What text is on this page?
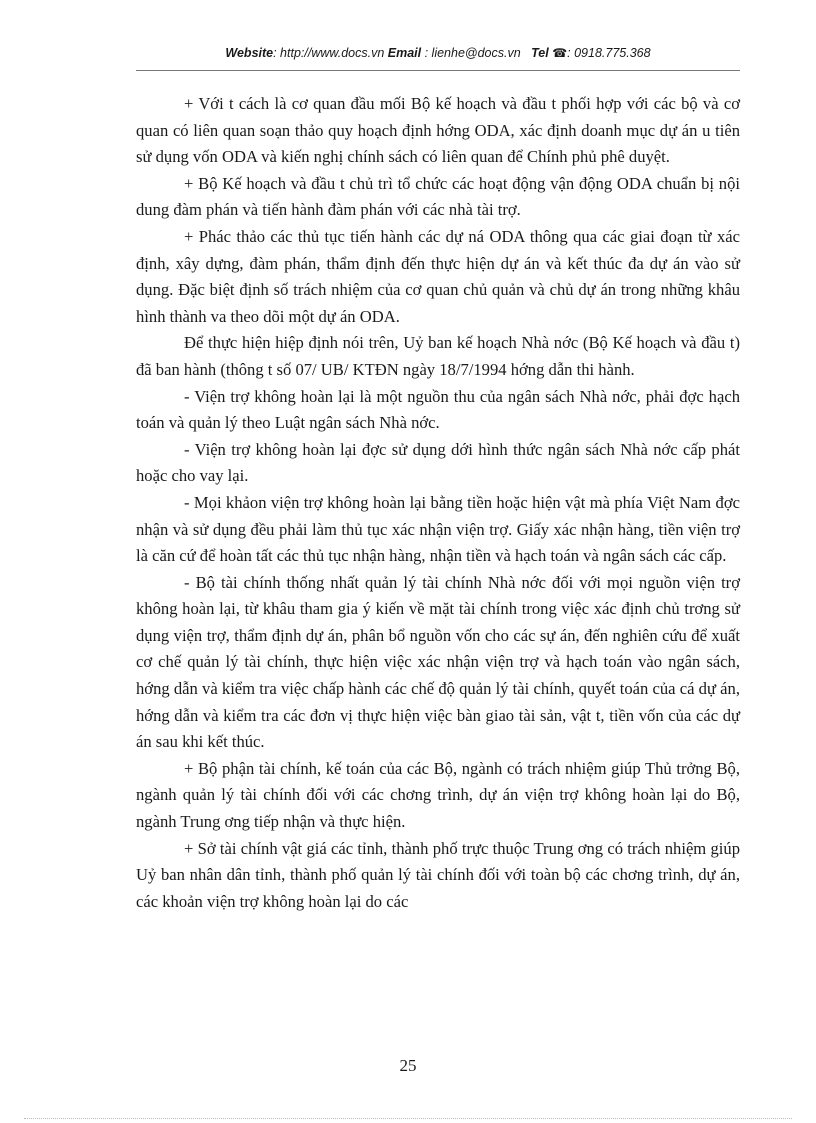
Website: http://www.docs.vn Email : lienhe@docs.vn Tel ☎: 0918.775.368

+ Với t cách là cơ quan đầu mối Bộ kế hoạch và đầu t phối hợp với các bộ và cơ quan có liên quan soạn thảo quy hoạch định hớng ODA, xác định doanh mục dự án u tiên sử dụng vốn ODA và kiến nghị chính sách có liên quan để Chính phủ phê duyệt.

+ Bộ Kế hoạch và đầu t chủ trì tổ chức các hoạt động vận động ODA chuẩn bị nội dung đàm phán và tiến hành đàm phán với các nhà tài trợ.

+ Phác thảo các thủ tục tiến hành các dự ná ODA thông qua các giai đoạn từ xác định, xây dựng, đàm phán, thẩm định đến thực hiện dự án và kết thúc đa dự án vào sử dụng. Đặc biệt định số trách nhiệm của cơ quan chủ quản và chủ dự án trong những khâu hình thành va theo dõi một dự án ODA.

Để thực hiện hiệp định nói trên, Uỷ ban kế hoạch Nhà nớc (Bộ Kế hoạch và đầu t) đã ban hành (thông t số 07/ UB/ KTĐN ngày 18/7/1994 hớng dẫn thi hành.

- Viện trợ không hoàn lại là một nguồn thu của ngân sách Nhà nớc, phải đợc hạch toán và quản lý theo Luật ngân sách Nhà nớc.

- Viện trợ không hoàn lại đợc sử dụng dới hình thức ngân sách Nhà nớc cấp phát hoặc cho vay lại.

- Mọi khảon viện trợ không hoàn lại bằng tiền hoặc hiện vật mà phía Việt Nam đợc nhận và sử dụng đều phải làm thủ tục xác nhận viện trợ. Giấy xác nhận hàng, tiền viện trợ là căn cứ để hoàn tất các thủ tục nhận hàng, nhận tiền và hạch toán và ngân sách các cấp.

- Bộ tài chính thống nhất quản lý tài chính Nhà nớc đối với mọi nguồn viện trợ không hoàn lại, từ khâu tham gia ý kiến về mặt tài chính trong việc xác định chủ trơng sử dụng viện trợ, thẩm định dự án, phân bổ nguồn vốn cho các sự án, đến nghiên cứu để xuất cơ chế quản lý tài chính, thực hiện việc xác nhận viện trợ và hạch toán vào ngân sách, hớng dẫn và kiểm tra việc chấp hành các chế độ quản lý tài chính, quyết toán của cá dự án, hớng dẫn và kiểm tra các đơn vị thực hiện việc bàn giao tài sản, vật t, tiền vốn của các dự án sau khi kết thúc.

+ Bộ phận tài chính, kế toán của các Bộ, ngành có trách nhiệm giúp Thủ trởng Bộ, ngành quản lý tài chính đối với các chơng trình, dự án viện trợ không hoàn lại do Bộ, ngành Trung ơng tiếp nhận và thực hiện.

+ Sở tài chính vật giá các tỉnh, thành phố trực thuộc Trung ơng có trách nhiệm giúp Uỷ ban nhân dân tỉnh, thành phố quản lý tài chính đối với toàn bộ các chơng trình, dự án, các khoản viện trợ không hoàn lại do các

25
